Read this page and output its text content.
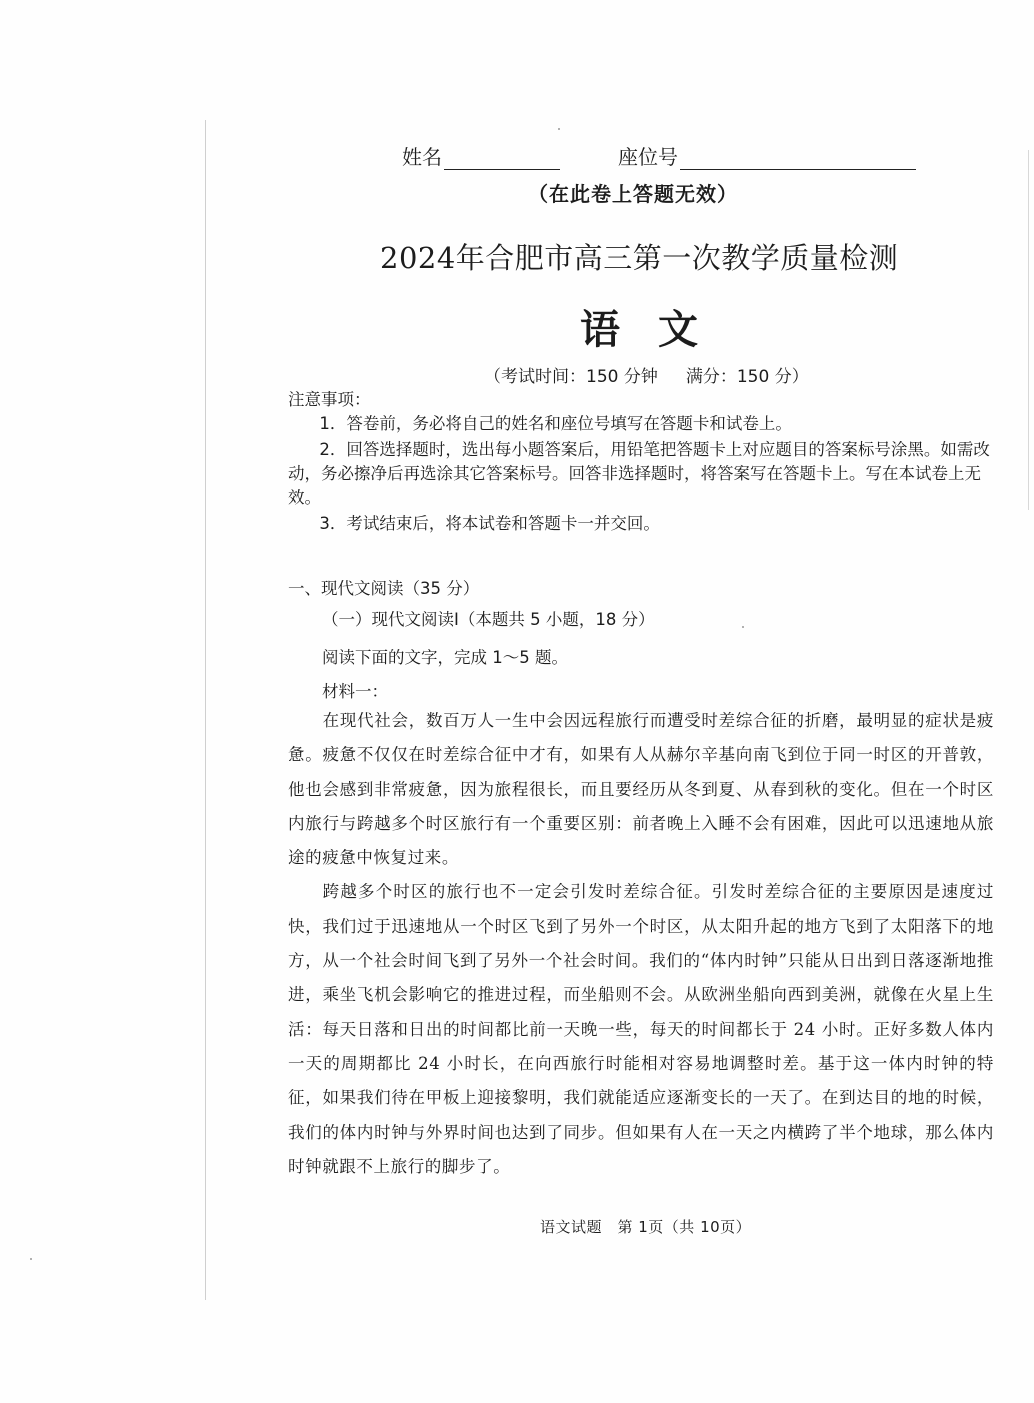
姓名	座位号
（在此卷上答题无效）
2024年合肥市高三第一次教学质量检测
语文
（考试时间：150 分钟 满分：150 分）
注意事项：

1．答卷前，务必将自己的姓名和座位号填写在答题卡和试卷上。

2．回答选择题时，选出每小题答案后，用铅笔把答题卡上对应题目的答案标号涂黑。如需改动，务必擦净后再选涂其它答案标号。回答非选择题时，将答案写在答题卡上。写在本试卷上无效。

3．考试结束后，将本试卷和答题卡一并交回。

一、现代文阅读（35 分）
（一）现代文阅读Ⅰ（本题共 5 小题，18 分）
阅读下面的文字，完成 1～5 题。
材料一：

在现代社会，数百万人一生中会因远程旅行而遭受时差综合征的折磨，最明显的症状是疲惫。疲惫不仅仅在时差综合征中才有，如果有人从赫尔辛基向南飞到位于同一时区的开普敦，他也会感到非常疲惫，因为旅程很长，而且要经历从冬到夏、从春到秋的变化。但在一个时区内旅行与跨越多个时区旅行有一个重要区别：前者晚上入睡不会有困难，因此可以迅速地从旅途的疲惫中恢复过来。

跨越多个时区的旅行也不一定会引发时差综合征。引发时差综合征的主要原因是速度过快，我们过于迅速地从一个时区飞到了另外一个时区，从太阳升起的地方飞到了太阳落下的地方，从一个社会时间飞到了另外一个社会时间。我们的“体内时钟”只能从日出到日落逐渐地推进，乘坐飞机会影响它的推进过程，而坐船则不会。从欧洲坐船向西到美洲，就像在火星上生活：每天日落和日出的时间都比前一天晚一些，每天的时间都长于 24 小时。正好多数人体内一天的周期都比 24 小时长，在向西旅行时能相对容易地调整时差。基于这一体内时钟的特征，如果我们待在甲板上迎接黎明，我们就能适应逐渐变长的一天了。在到达目的地的时候，我们的体内时钟与外界时间也达到了同步。但如果有人在一天之内横跨了半个地球，那么体内时钟就跟不上旅行的脚步了。

语文试题　第 1页（共 10页）
